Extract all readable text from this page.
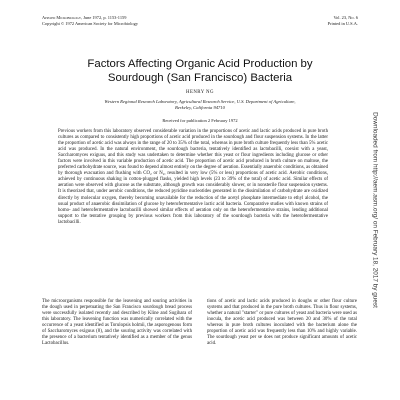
Applied Microbiology, June 1972, p. 1153-1159
Copyright © 1972 American Society for Microbiology
Vol. 23, No. 6
Printed in U.S.A.
Factors Affecting Organic Acid Production by
Sourdough (San Francisco) Bacteria
HENRY NG
Western Regional Research Laboratory, Agricultural Research Service, U.S. Department of Agriculture,
Berkeley, California 94710
Received for publication 2 February 1972

Previous workers from this laboratory observed considerable variation in the proportions of acetic and lactic acids produced in pure broth cultures as compared to consistently high proportions of acetic acid produced in the sourdough and flour suspension systems. In the latter the proportion of acetic acid was always in the range of 20 to 35% of the total, whereas in pure broth culture frequently less than 5% acetic acid was produced. In the natural environment, the sourdough bacteria, tentatively identified as lactobacilli, coexist with a yeast, Saccharomyces exiguus, and this study was undertaken to determine whether this yeast or flour ingredients including glucose or other factors were involved in this variable production of acetic acid. The proportion of acetic acid produced in broth culture on maltose, the preferred carbohydrate source, was found to depend almost entirely on the degree of aeration. Essentially anaerobic conditions, as obtained by thorough evacuation and flushing with CO₂ or N₂, resulted in very low (5% or less) proportions of acetic acid. Aerobic conditions, achieved by continuous shaking in cotton-plugged flasks, yielded high levels (23 to 39% of the total) of acetic acid. Similar effects of aeration were observed with glucose as the substrate, although growth was considerably slower, or in nonsterile flour suspension systems. It is theorized that, under aerobic conditions, the reduced pyridine nucleotides generated in the dissimilation of carbohydrate are oxidized directly by molecular oxygen, thereby becoming unavailable for the reduction of the acetyl phosphate intermediate to ethyl alcohol, the usual product of anaerobic dissimilation of glucose by heterofermentative lactic acid bacteria. Comparative studies with known strains of homo- and heterofermentative lactobacilli showed similar effects of aeration only on the heterofermentative strains, lending additional support to the tentative grouping by previous workers from this laboratory of the sourdough bacteria with the heterofermentative lactobacilli.

The microorganisms responsible for the leavening and souring activities in the dough used in perpetuating the San Francisco sourdough bread process were successfully isolated recently and described by Kline and Sugihara of this laboratory. The leavening function was numerically correlated with the occurrence of a yeast identified as Torulopsis holmii, the asporogenous form of Saccharomyces exiguus (8), and the souring activity was correlated with the presence of a bacterium tentatively identified as a member of the genus Lactobacillus.

tions of acetic and lactic acids produced in doughs or other flour culture systems and that produced in the pure broth cultures. Thus in flour systems, whether a natural "starter" or pure cultures of yeast and bacteria were used as inocula, the acetic acid produced was between 20 and 30% of the total whereas in pure broth cultures inoculated with the bacterium alone the proportion of acetic acid was frequently less than 10% and highly variable. The sourdough yeast per se does not produce significant amounts of acetic acid.

Downloaded from http://aem.asm.org/ on February 18, 2017 by guest
